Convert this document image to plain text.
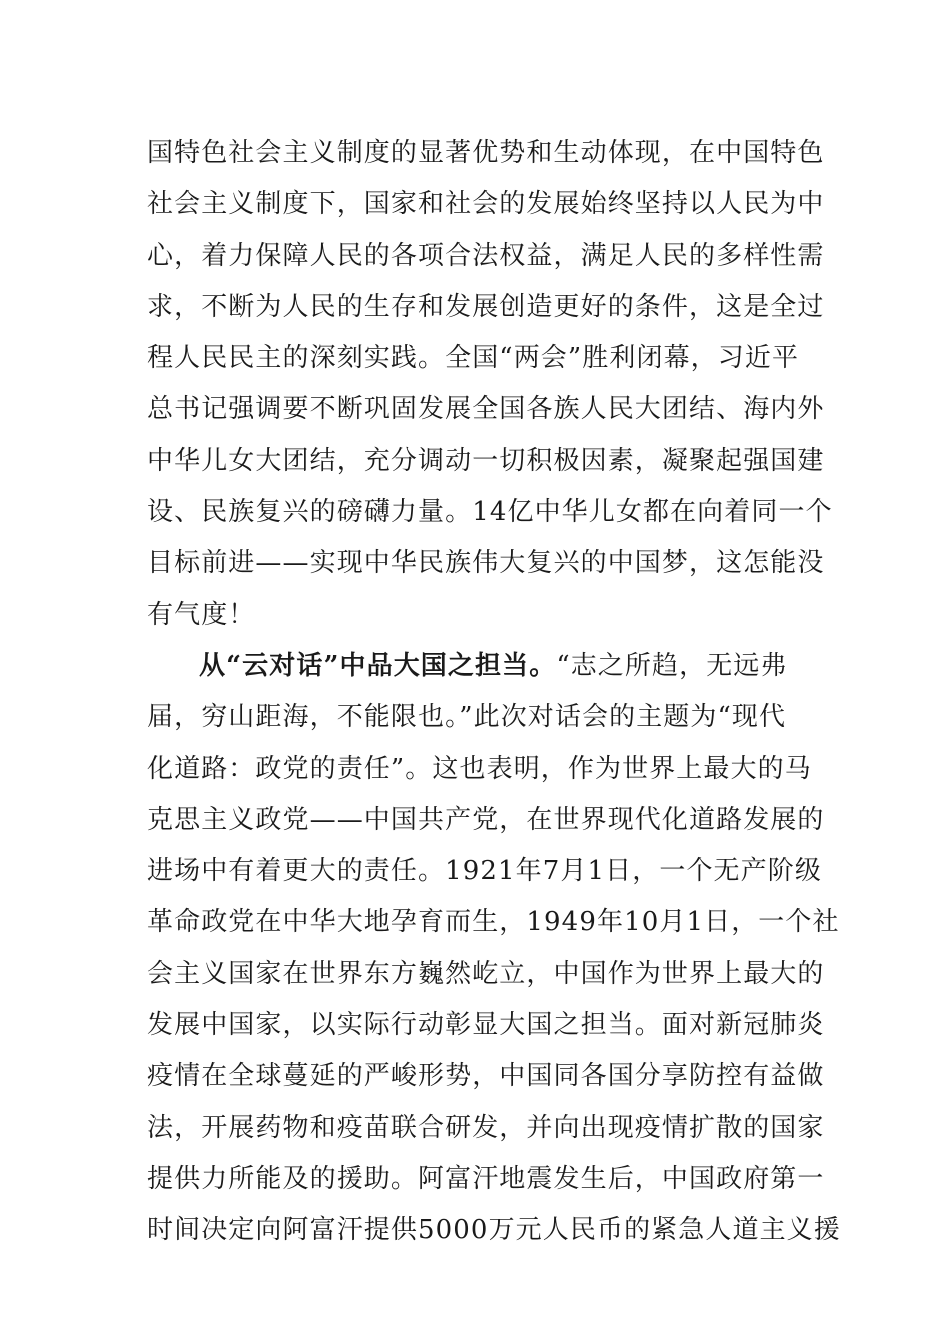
国特色社会主义制度的显著优势和生动体现，在中国特色
社会主义制度下，国家和社会的发展始终坚持以人民为中
心，着力保障人民的各项合法权益，满足人民的多样性需
求，不断为人民的生存和发展创造更好的条件，这是全过
程人民民主的深刻实践。全国“两会”胜利闭幕，习近平
总书记强调要不断巩固发展全国各族人民大团结、海内外
中华儿女大团结，充分调动一切积极因素，凝聚起强国建
设、民族复兴的磅礴力量。14亿中华儿女都在向着同一个
目标前进——实现中华民族伟大复兴的中国梦，这怎能没
有气度！
从“云对话”中品大国之担当。“志之所趋，无远弗
届，穷山距海，不能限也。”此次对话会的主题为“现代
化道路：政党的责任”。这也表明，作为世界上最大的马
克思主义政党——中国共产党，在世界现代化道路发展的
进场中有着更大的责任。1921年7月1日，一个无产阶级
革命政党在中华大地孕育而生，1949年10月1日，一个社
会主义国家在世界东方巍然屹立，中国作为世界上最大的
发展中国家，以实际行动彰显大国之担当。面对新冠肺炎
疫情在全球蔓延的严峻形势，中国同各国分享防控有益做
法，开展药物和疫苗联合研发，并向出现疫情扩散的国家
提供力所能及的援助。阿富汗地震发生后，中国政府第一
时间决定向阿富汗提供5000万元人民币的紧急人道主义援
